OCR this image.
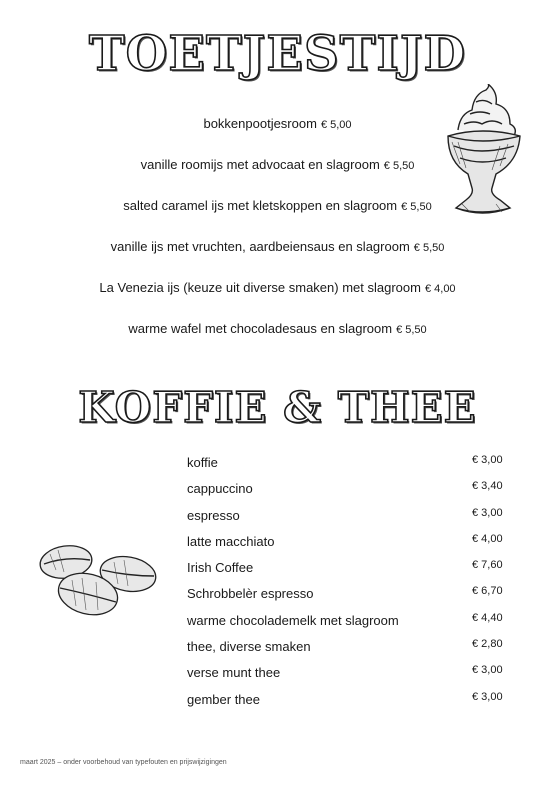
TOETJESTIJD
bokkenpootjesroom € 5,00
vanille roomijs met advocaat en slagroom € 5,50
salted caramel ijs met kletskoppen en slagroom € 5,50
vanille ijs met vruchten, aardbeiensaus en slagroom € 5,50
La Venezia ijs (keuze uit diverse smaken) met slagroom € 4,00
warme wafel met chocoladesaus en slagroom € 5,50
KOFFIE & THEE
koffie	€ 3,00
cappuccino	€ 3,40
espresso	€ 3,00
latte macchiato	€ 4,00
Irish Coffee	€ 7,60
Schrobbelèr espresso	€ 6,70
warme chocolademelk met slagroom	€ 4,40
thee, diverse smaken	€ 2,80
verse munt thee	€ 3,00
gember thee	€ 3,00
maart 2025 – onder voorbehoud van typefouten en prijswijzigingen
